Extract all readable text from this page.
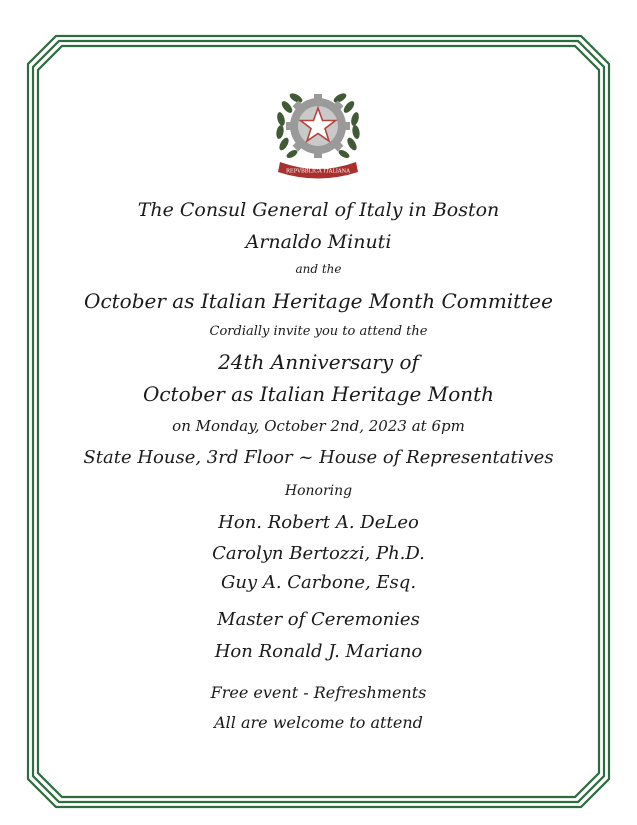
REPVBBLICA ITALIANA
The Consul General of Italy in Boston
Arnaldo Minuti
and the
October as Italian Heritage Month Committee
Cordially invite you to attend the
24th Anniversary of
October as Italian Heritage Month
on Monday, October 2nd, 2023 at 6pm
State House, 3rd Floor ~ House of Representatives
Honoring
Hon. Robert A. DeLeo
Carolyn Bertozzi, Ph.D.
Guy A. Carbone, Esq.
Master of Ceremonies
Hon Ronald J. Mariano
Free event - Refreshments
All are welcome to attend
